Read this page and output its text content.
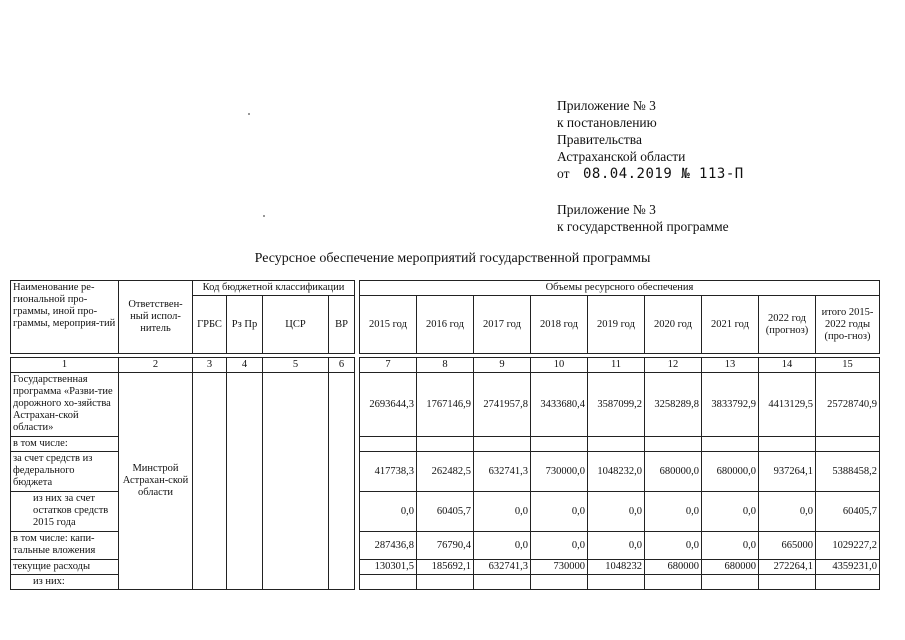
Приложение № 3
к постановлению
Правительства
Астраханской области
от 08.04.2019 № 113-П
Приложение № 3
к государственной программе
Ресурсное обеспечение мероприятий государственной программы
Наименование ре-гиональной про-граммы, иной про-граммы, мероприя-тий	Ответствен-ный испол-нитель	Код бюджетной классификации					Объемы ресурсного обеспечения								
		ГРБС	Рз Пр	ЦСР	ВР		2015 год	2016 год	2017 год	2018 год	2019 год	2020 год	2021 год	2022 год (прогноз)	итого 2015-2022 годы (про-гноз)

1	2	3	4	5	6		7	8	9	10	11	12	13	14	15
Государственная программа «Разви-тие дорожного хо-зяйства Астрахан-ской области»	Минстрой Астрахан-ской области						2693644,3	1767146,9	2741957,8	3433680,4	3587099,2	3258289,8	3833792,9	4413129,5	25728740,9
в том числе:															
за счет средств из федерального бюджета							417738,3	262482,5	632741,3	730000,0	1048232,0	680000,0	680000,0	937264,1	5388458,2
из них за счет остатков средств 2015 года							0,0	60405,7	0,0	0,0	0,0	0,0	0,0	0,0	60405,7
в том числе: капи-тальные вложения							287436,8	76790,4	0,0	0,0	0,0	0,0	0,0	665000	1029227,2
текущие расходы							130301,5	185692,1	632741,3	730000	1048232	680000	680000	272264,1	4359231,0
из них:															
